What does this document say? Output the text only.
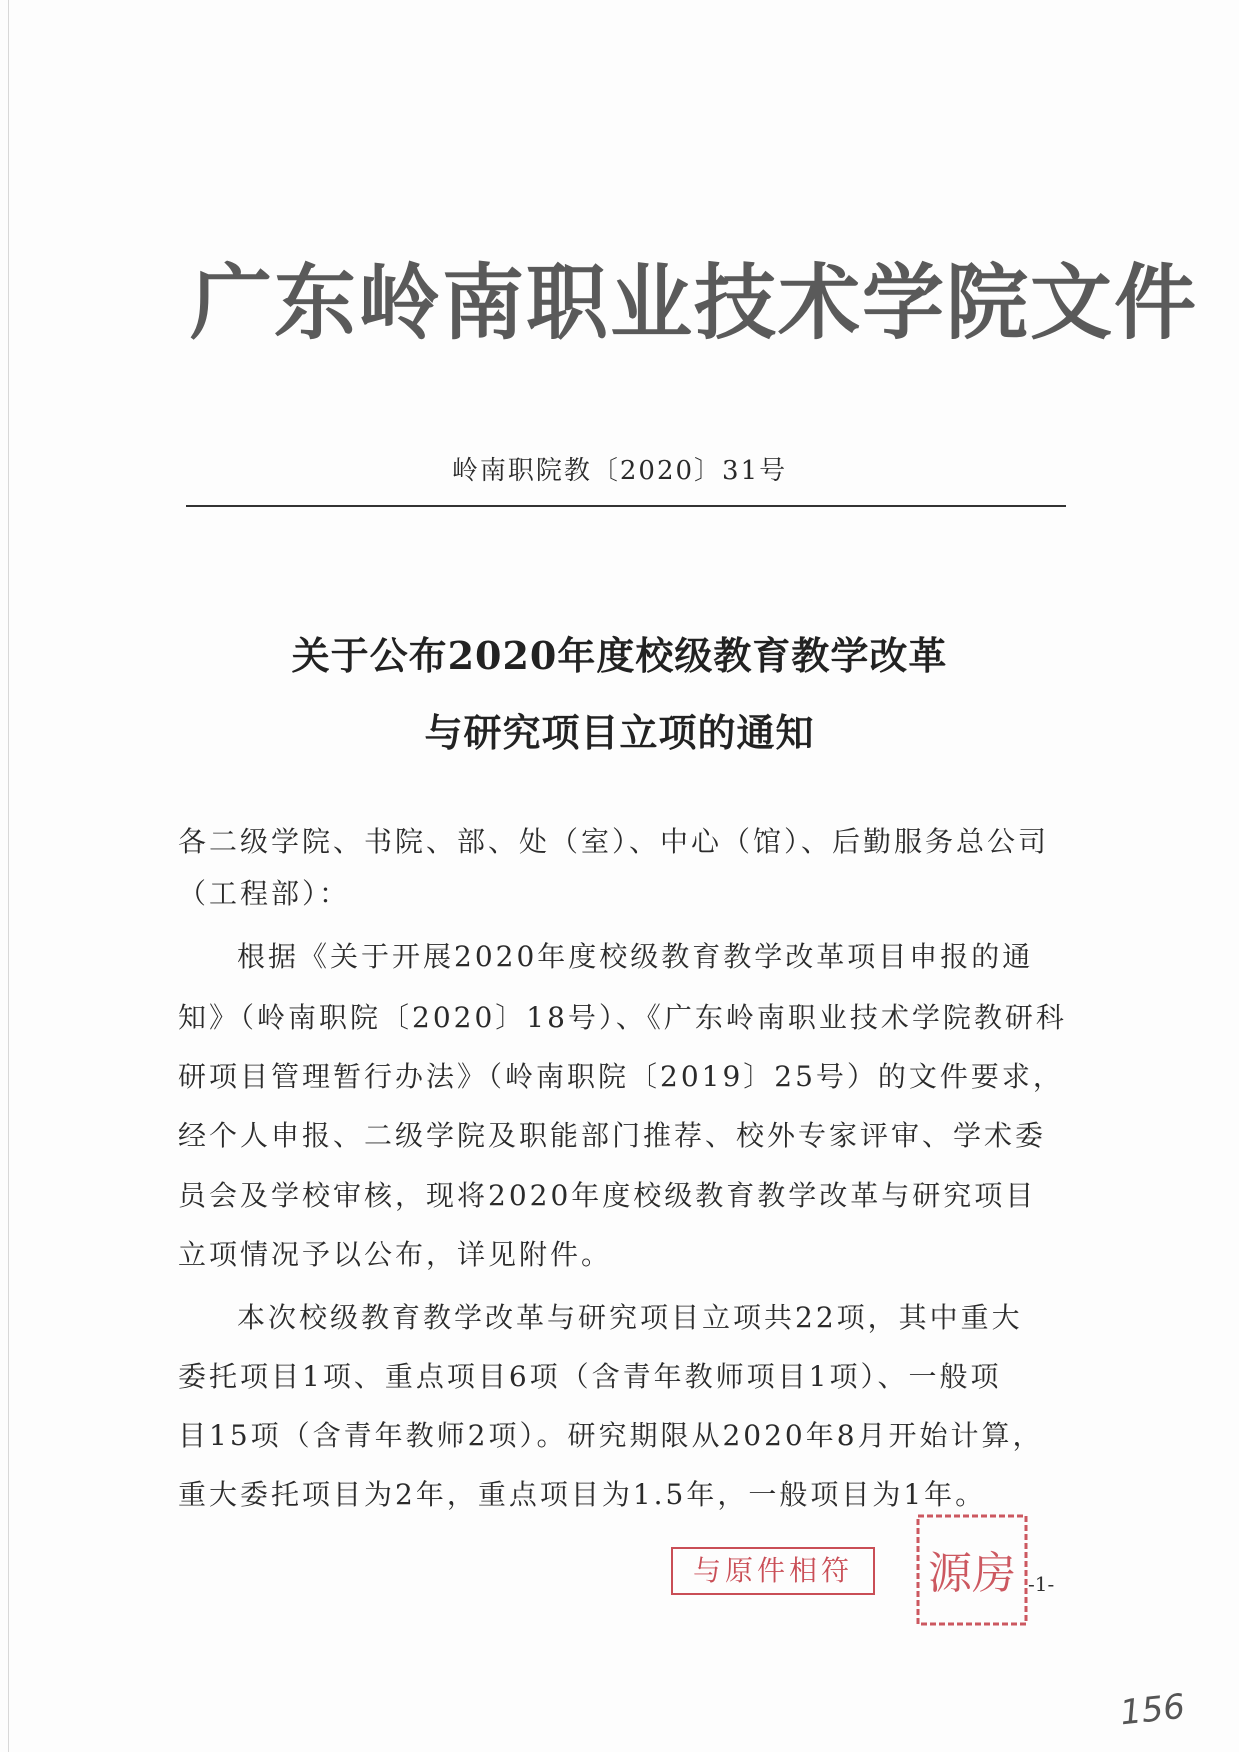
广东岭南职业技术学院文件
岭南职院教〔2020〕31号
关于公布2020年度校级教育教学改革
与研究项目立项的通知
各二级学院、书院、部、处（室）、中心（馆）、后勤服务总公司
（工程部）：
根据《关于开展2020年度校级教育教学改革项目申报的通
知》（岭南职院〔2020〕18号）、《广东岭南职业技术学院教研科
研项目管理暂行办法》（岭南职院〔2019〕25号）的文件要求，
经个人申报、二级学院及职能部门推荐、校外专家评审、学术委
员会及学校审核，现将2020年度校级教育教学改革与研究项目
立项情况予以公布，详见附件。
本次校级教育教学改革与研究项目立项共22项，其中重大
委托项目1项、重点项目6项（含青年教师项目1项）、一般项
目15项（含青年教师2项）。研究期限从2020年8月开始计算，
重大委托项目为2年，重点项目为1.5年，一般项目为1年。
与原件相符	源房 -1-
156
